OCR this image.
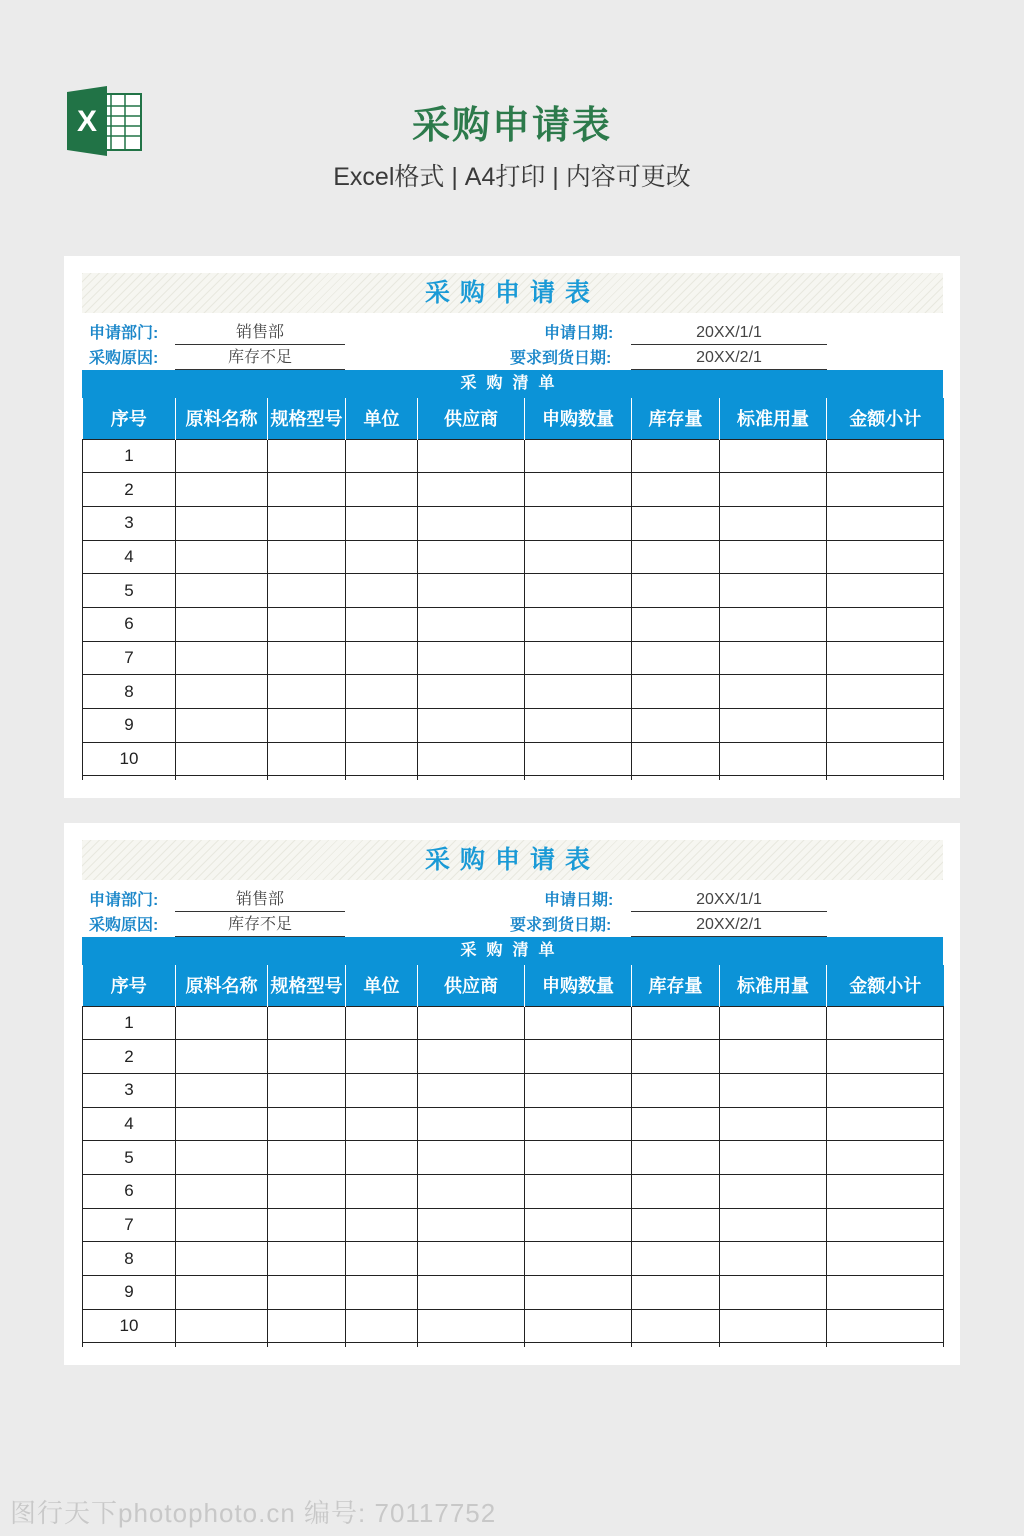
X	采购申请表
Excel格式 | A4打印 | 内容可更改
采购申请表
申请部门:	销售部
采购原因:	库存不足
申请日期:	20XX/1/1
要求到货日期:	20XX/2/1
采购清单
序号	原料名称	规格型号	单位	供应商	申购数量	库存量	标准用量	金额小计
1								
2								
3								
4								
5								
6								
7								
8								
9								
10								

采购申请表
申请部门:	销售部
采购原因:	库存不足
申请日期:	20XX/1/1
要求到货日期:	20XX/2/1
采购清单
序号	原料名称	规格型号	单位	供应商	申购数量	库存量	标准用量	金额小计
1								
2								
3								
4								
5								
6								
7								
8								
9								
10								

图行天下photophoto.cn 编号: 70117752
